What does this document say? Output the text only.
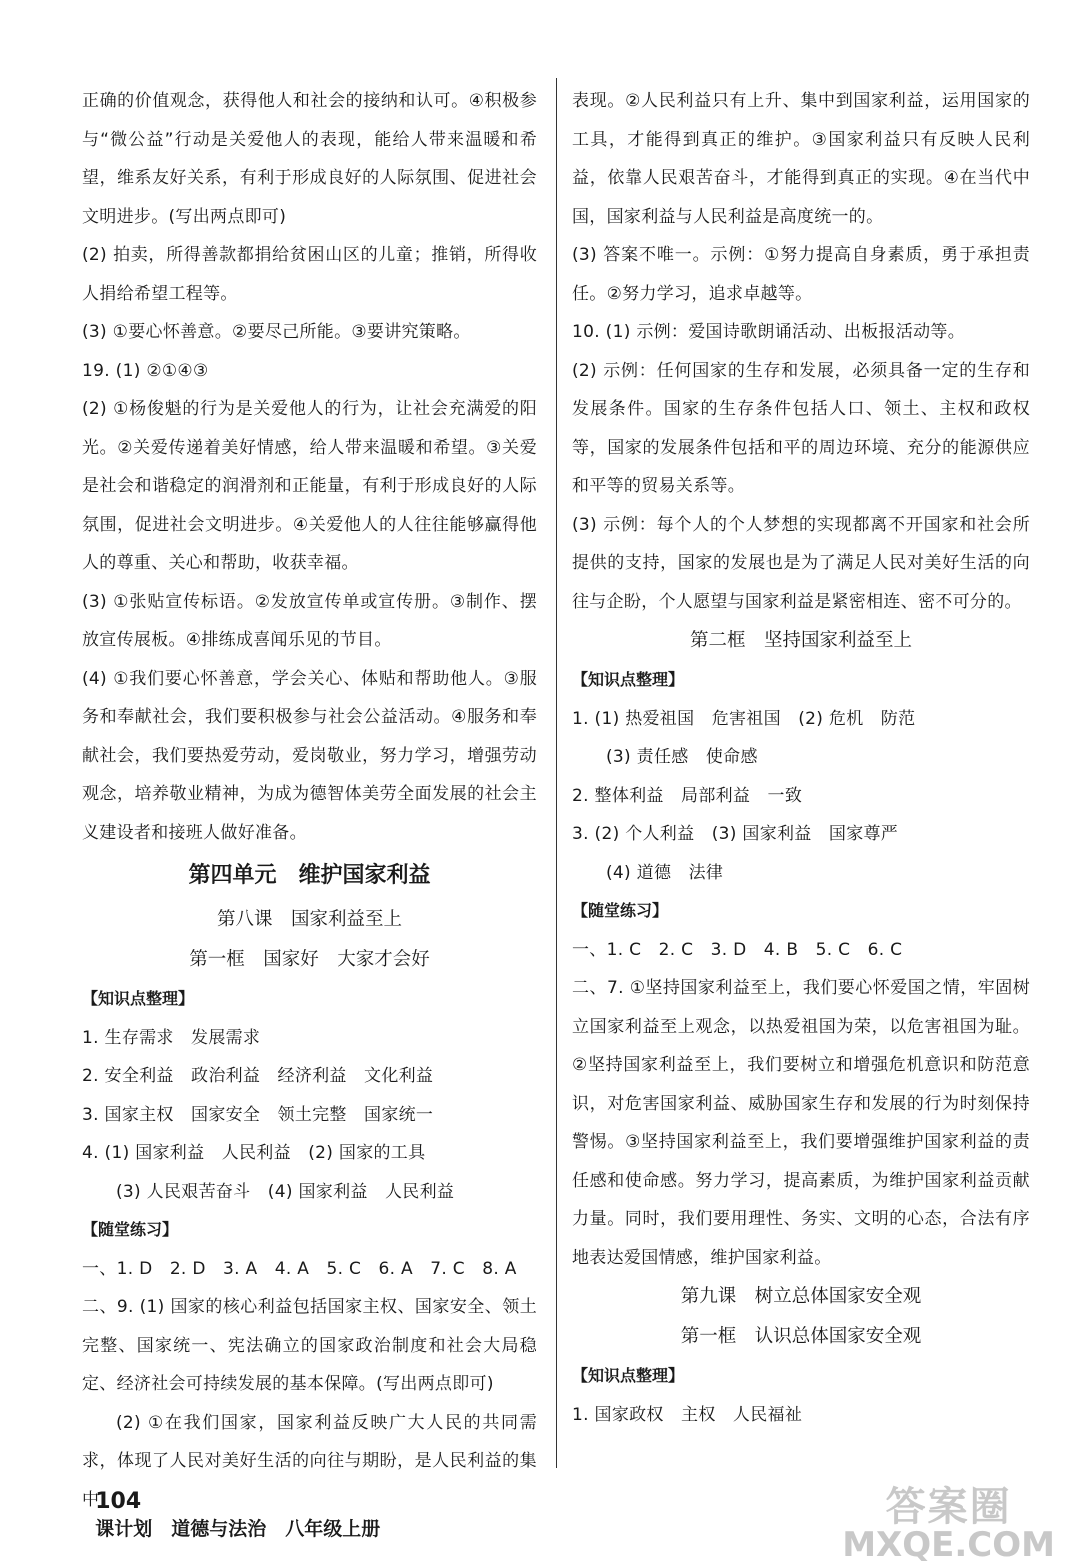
正确的价值观念，获得他人和社会的接纳和认可。④积极参与“微公益”行动是关爱他人的表现，能给人带来温暖和希望，维系友好关系，有利于形成良好的人际氛围、促进社会文明进步。(写出两点即可)
(2) 拍卖，所得善款都捐给贫困山区的儿童；推销，所得收人捐给希望工程等。
(3) ①要心怀善意。②要尽己所能。③要讲究策略。
19. (1) ②①④③
(2) ①杨俊魁的行为是关爱他人的行为，让社会充满爱的阳光。②关爱传递着美好情感，给人带来温暖和希望。③关爱是社会和谐稳定的润滑剂和正能量，有利于形成良好的人际氛围，促进社会文明进步。④关爱他人的人往往能够赢得他人的尊重、关心和帮助，收获幸福。
(3) ①张贴宣传标语。②发放宣传单或宣传册。③制作、摆放宣传展板。④排练成喜闻乐见的节目。
(4) ①我们要心怀善意，学会关心、体贴和帮助他人。③服务和奉献社会，我们要积极参与社会公益活动。④服务和奉献社会，我们要热爱劳动，爱岗敬业，努力学习，增强劳动观念，培养敬业精神，为成为德智体美劳全面发展的社会主义建设者和接班人做好准备。
第四单元　维护国家利益
第八课　国家利益至上
第一框　国家好　大家才会好
【知识点整理】
1. 生存需求　发展需求
2. 安全利益　政治利益　经济利益　文化利益
3. 国家主权　国家安全　领土完整　国家统一
4. (1) 国家利益　人民利益　(2) 国家的工具
(3) 人民艰苦奋斗　(4) 国家利益　人民利益
【随堂练习】
一、1. D　2. D　3. A　4. A　5. C　6. A　7. C　8. A
二、9. (1) 国家的核心利益包括国家主权、国家安全、领土完整、国家统一、宪法确立的国家政治制度和社会大局稳定、经济社会可持续发展的基本保障。(写出两点即可)
(2) ①在我们国家，国家利益反映广大人民的共同需求，体现了人民对美好生活的向往与期盼，是人民利益的集中
表现。②人民利益只有上升、集中到国家利益，运用国家的工具，才能得到真正的维护。③国家利益只有反映人民利益，依靠人民艰苦奋斗，才能得到真正的实现。④在当代中国，国家利益与人民利益是高度统一的。
(3) 答案不唯一。示例：①努力提高自身素质，勇于承担责任。②努力学习，追求卓越等。
10. (1) 示例：爱国诗歌朗诵活动、出板报活动等。
(2) 示例：任何国家的生存和发展，必须具备一定的生存和发展条件。国家的生存条件包括人口、领土、主权和政权等，国家的发展条件包括和平的周边环境、充分的能源供应和平等的贸易关系等。
(3) 示例：每个人的个人梦想的实现都离不开国家和社会所提供的支持，国家的发展也是为了满足人民对美好生活的向往与企盼，个人愿望与国家利益是紧密相连、密不可分的。
第二框　坚持国家利益至上
【知识点整理】
1. (1) 热爱祖国　危害祖国　(2) 危机　防范
(3) 责任感　使命感
2. 整体利益　局部利益　一致
3. (2) 个人利益　(3) 国家利益　国家尊严
(4) 道德　法律
【随堂练习】
一、1. C　2. C　3. D　4. B　5. C　6. C
二、7. ①坚持国家利益至上，我们要心怀爱国之情，牢固树立国家利益至上观念，以热爱祖国为荣，以危害祖国为耻。②坚持国家利益至上，我们要树立和增强危机意识和防范意识，对危害国家利益、威胁国家生存和发展的行为时刻保持警惕。③坚持国家利益至上，我们要增强维护国家利益的责任感和使命感。努力学习，提高素质，为维护国家利益贡献力量。同时，我们要用理性、务实、文明的心态，合法有序地表达爱国情感，维护国家利益。
第九课　树立总体国家安全观
第一框　认识总体国家安全观
【知识点整理】
1. 国家政权　主权　人民福祉

104
课计划　道德与法治　八年级上册	答案圈
MXQE.COM
